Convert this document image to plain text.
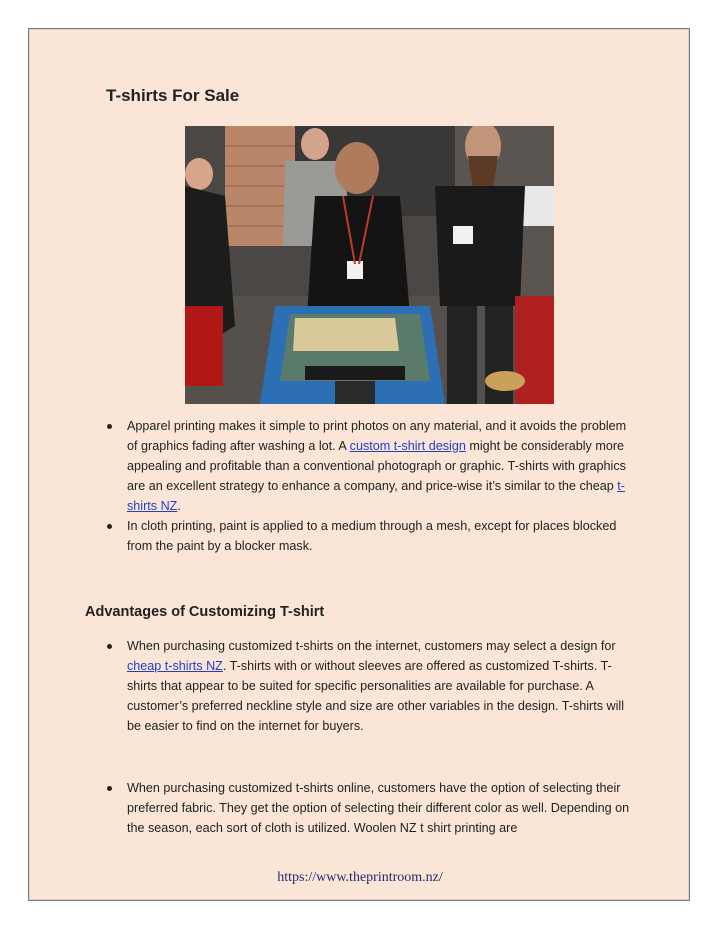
T-shirts For Sale
Apparel printing makes it simple to print photos on any material, and it avoids the problem of graphics fading after washing a lot. A custom t-shirt design might be considerably more appealing and profitable than a conventional photograph or graphic. T-shirts with graphics are an excellent strategy to enhance a company, and price-wise it’s similar to the cheap t-shirts NZ.
In cloth printing, paint is applied to a medium through a mesh, except for places blocked from the paint by a blocker mask.
Advantages of Customizing T-shirt
When purchasing customized t-shirts on the internet, customers may select a design for cheap t-shirts NZ. T-shirts with or without sleeves are offered as customized T-shirts. T-shirts that appear to be suited for specific personalities are available for purchase. A customer’s preferred neckline style and size are other variables in the design. T-shirts will be easier to find on the internet for buyers.
When purchasing customized t-shirts online, customers have the option of selecting their preferred fabric. They get the option of selecting their different color as well. Depending on the season, each sort of cloth is utilized. Woolen NZ t shirt printing are
https://www.theprintroom.nz/
